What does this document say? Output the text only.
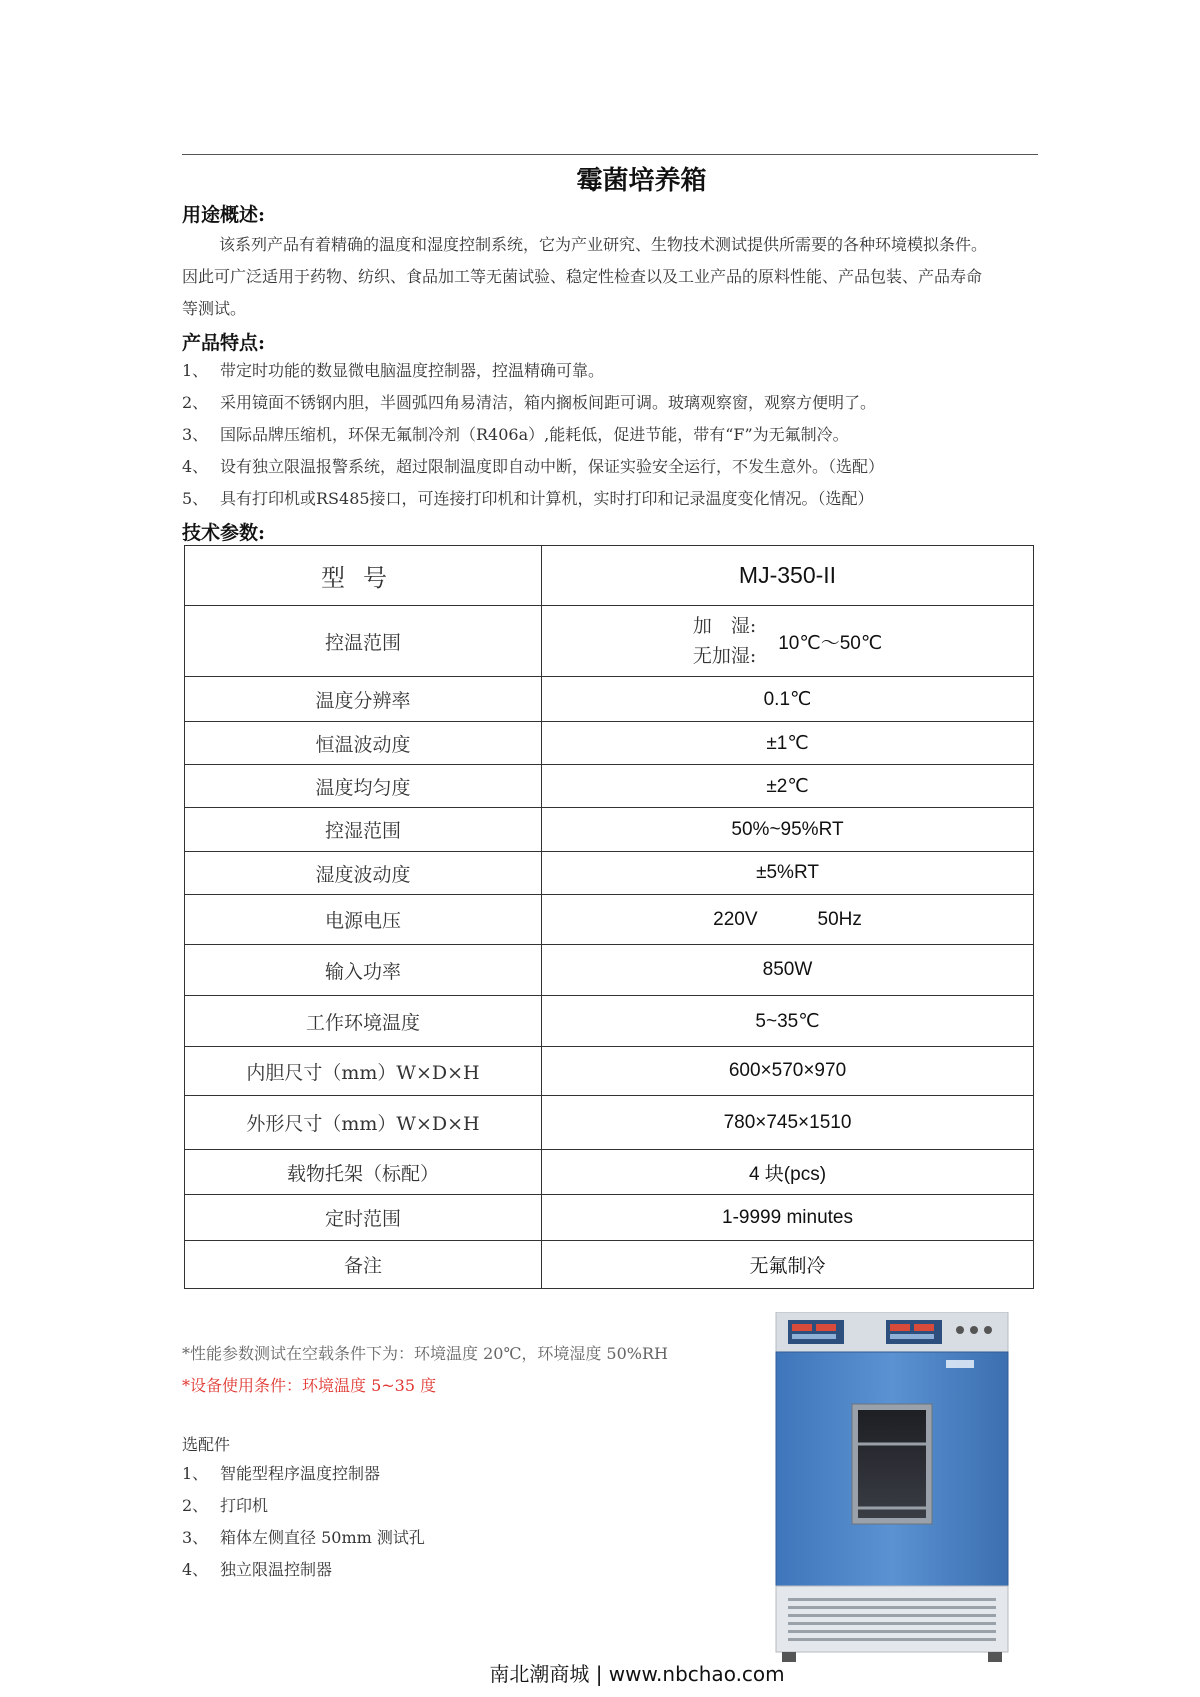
霉菌培养箱
用途概述:
该系列产品有着精确的温度和湿度控制系统，它为产业研究、生物技术测试提供所需要的各种环境模拟条件。
因此可广泛适用于药物、纺织、食品加工等无菌试验、稳定性检查以及工业产品的原料性能、产品包装、产品寿命
等测试。
产品特点:
1、 带定时功能的数显微电脑温度控制器，控温精确可靠。
2、 采用镜面不锈钢内胆，半圆弧四角易清洁，箱内搁板间距可调。玻璃观察窗，观察方便明了。
3、 国际品牌压缩机，环保无氟制冷剂（R406a）,能耗低，促进节能，带有“F”为无氟制冷。
4、 设有独立限温报警系统，超过限制温度即自动中断，保证实验安全运行，不发生意外。（选配）
5、 具有打印机或RS485接口，可连接打印机和计算机，实时打印和记录温度变化情况。（选配）
技术参数:
型号	MJ-350-II
控温范围	加　湿:
无加湿:
10℃～50℃

温度分辨率	0.1℃
恒温波动度	±1℃
温度均匀度	±2℃
控湿范围	50%~95%RT
湿度波动度	±5%RT
电源电压	220V 50Hz
输入功率	850W
工作环境温度	5~35℃
内胆尺寸（mm）W×D×H	600×570×970
外形尺寸（mm）W×D×H	780×745×1510
载物托架（标配）	4 块(pcs)
定时范围	1-9999 minutes
备注	无氟制冷
*性能参数测试在空载条件下为：环境温度 20℃，环境湿度 50%RH
*设备使用条件：环境温度 5~35 度
选配件
1、 智能型程序温度控制器
2、 打印机
3、 箱体左侧直径 50mm 测试孔
4、 独立限温控制器
南北潮商城 | www.nbchao.com
